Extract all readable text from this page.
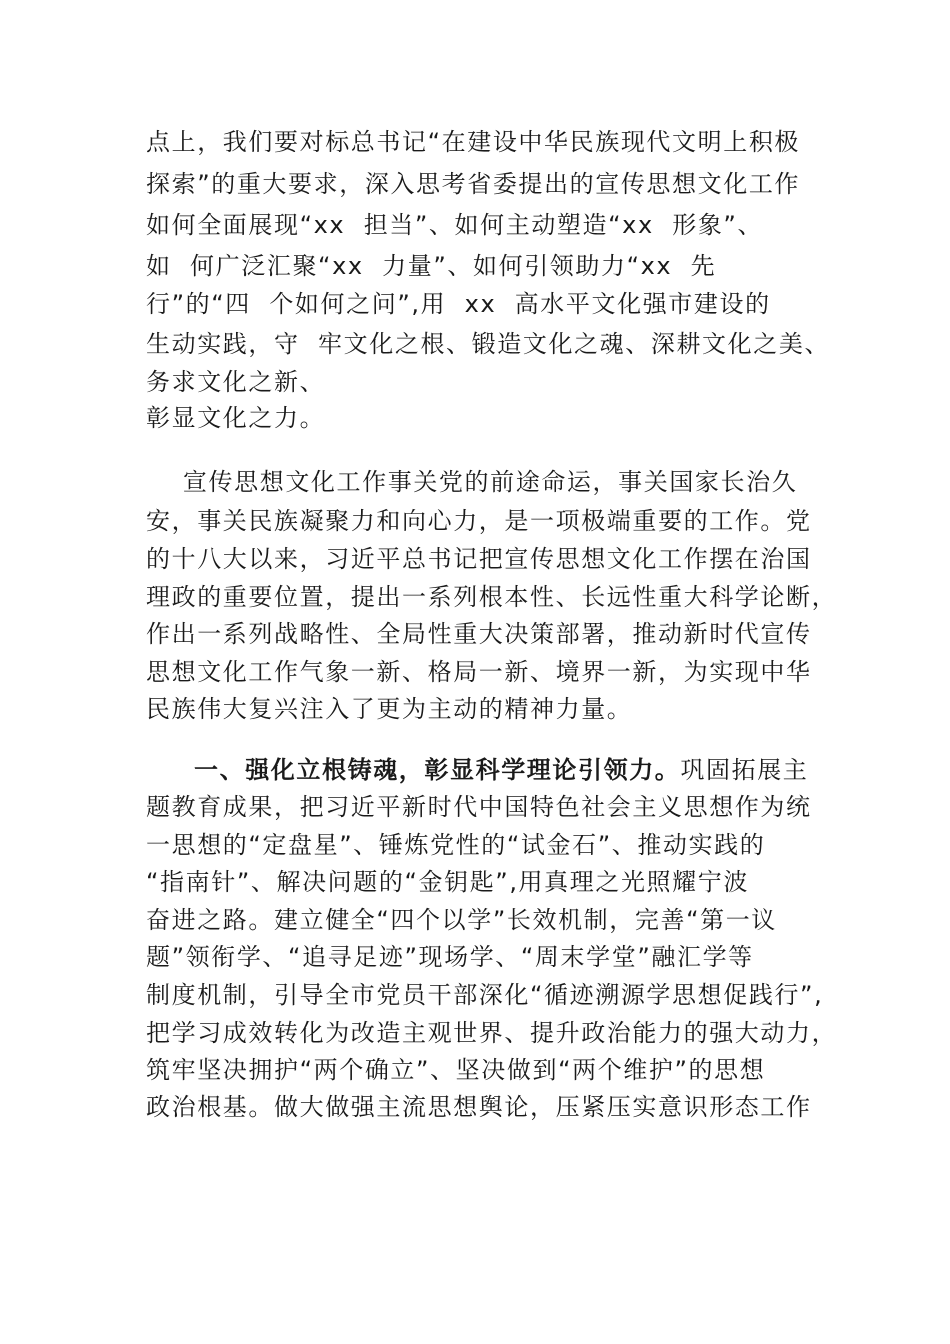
点上，我们要对标总书记“在建设中华民族现代文明上积极
探索”的重大要求，深入思考省委提出的宣传思想文化工作
如何全面展现“xx  担当”、如何主动塑造“xx  形象”、
如  何广泛汇聚“xx  力量”、如何引领助力“xx  先
行”的“四  个如何之问”,用  xx  高水平文化强市建设的
生动实践，守  牢文化之根、锻造文化之魂、深耕文化之美、
务求文化之新、
彰显文化之力。
宣传思想文化工作事关党的前途命运，事关国家长治久
安，事关民族凝聚力和向心力，是一项极端重要的工作。党
的十八大以来，习近平总书记把宣传思想文化工作摆在治国
理政的重要位置，提出一系列根本性、长远性重大科学论断，
作出一系列战略性、全局性重大决策部署，推动新时代宣传
思想文化工作气象一新、格局一新、境界一新，为实现中华
民族伟大复兴注入了更为主动的精神力量。
一、强化立根铸魂，彰显科学理论引领力。巩固拓展主
题教育成果，把习近平新时代中国特色社会主义思想作为统
一思想的“定盘星”、锤炼党性的“试金石”、推动实践的
“指南针”、解决问题的“金钥匙”,用真理之光照耀宁波
奋进之路。建立健全“四个以学”长效机制，完善“第一议
题”领衔学、“追寻足迹”现场学、“周末学堂”融汇学等
制度机制，引导全市党员干部深化“循迹溯源学思想促践行”,
把学习成效转化为改造主观世界、提升政治能力的强大动力，
筑牢坚决拥护“两个确立”、坚决做到“两个维护”的思想
政治根基。做大做强主流思想舆论，压紧压实意识形态工作
